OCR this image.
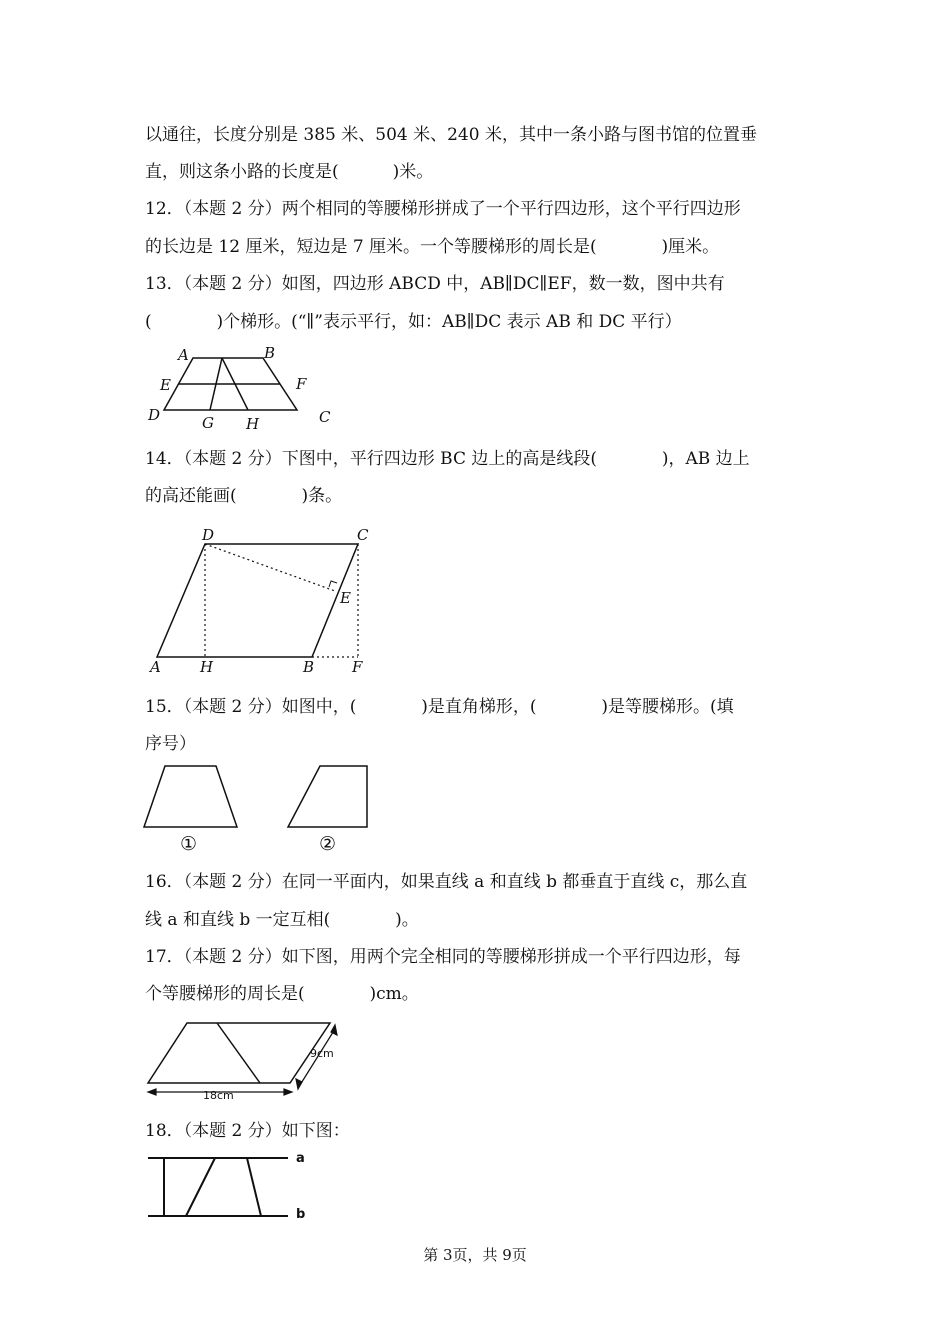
以通往，长度分别是 385 米、504 米、240 米，其中一条小路与图书馆的位置垂
直，则这条小路的长度是(          )米。
12．（本题 2 分）两个相同的等腰梯形拼成了一个平行四边形，这个平行四边形
的长边是 12 厘米，短边是 7 厘米。一个等腰梯形的周长是(            )厘米。
13．（本题 2 分）如图，四边形 ABCD 中，AB∥DC∥EF，数一数，图中共有
(            )个梯形。(“∥”表示平行，如：AB∥DC 表示 AB 和 DC 平行）
A	B
E	F
D	G H	C
14．（本题 2 分）下图中，平行四边形 BC 边上的高是线段(            )，AB 边上
的高还能画(            )条。
D	C
E
A	H	B	F
15．（本题 2 分）如图中，(            )是直角梯形，(            )是等腰梯形。(填
序号）
①	②
16．（本题 2 分）在同一平面内，如果直线 a 和直线 b 都垂直于直线 c，那么直
线 a 和直线 b 一定互相(            )。
17．（本题 2 分）如下图，用两个完全相同的等腰梯形拼成一个平行四边形，每
个等腰梯形的周长是(            )cm。
9cm
18cm
18．（本题 2 分）如下图：
a
b
第 3页，共 9页
